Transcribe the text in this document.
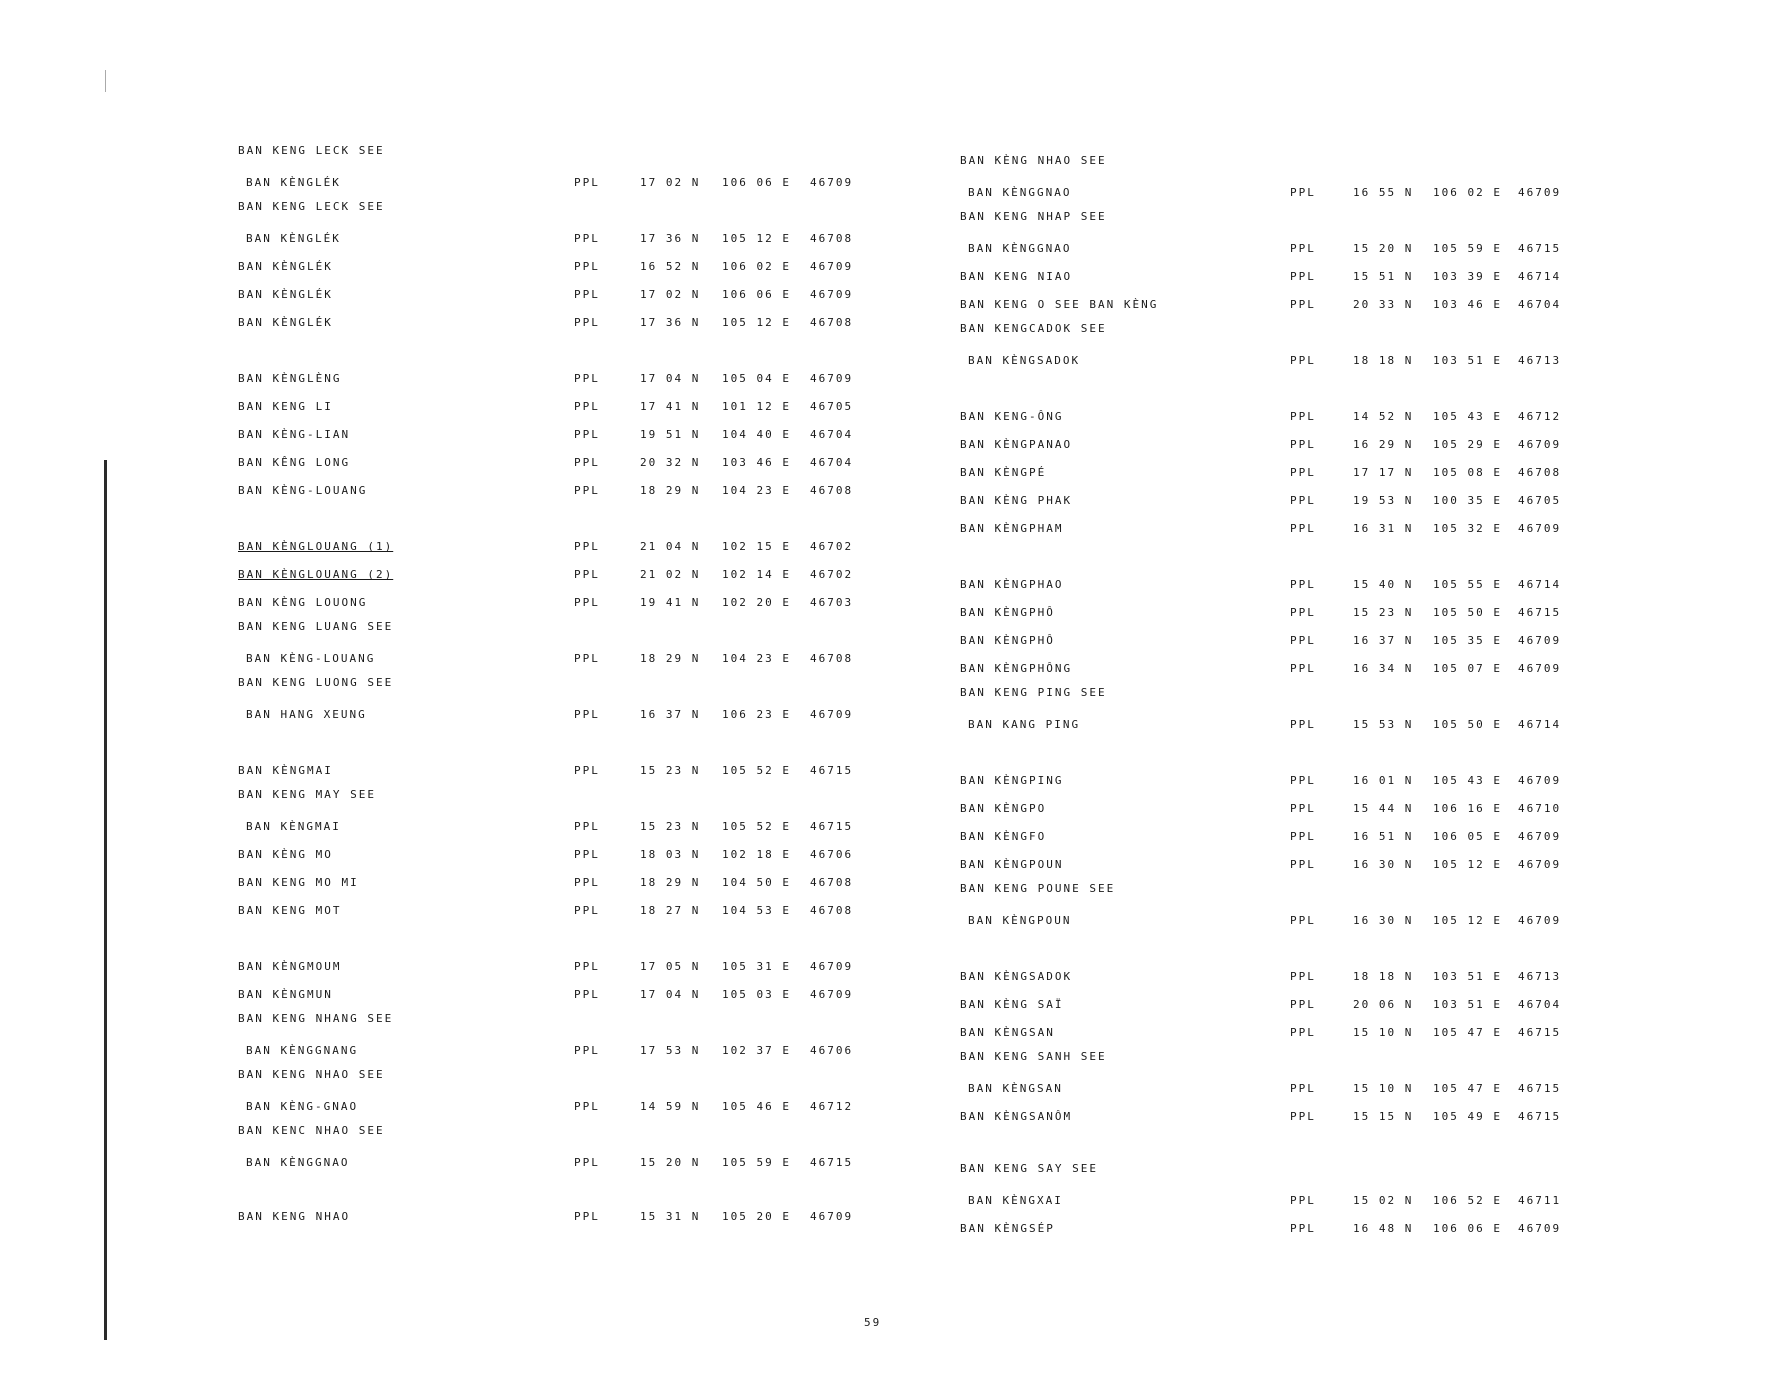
BAN KENG LECK SEE
BAN KÈNGLÉK	PPL	17 02 N 106 06 E 46709
BAN KENG LECK SEE
BAN KÈNGLÉK	PPL	17 36 N 105 12 E 46708
BAN KÈNGLÉK	PPL	16 52 N 106 02 E 46709
BAN KÈNGLÉK	PPL	17 02 N 106 06 E 46709
BAN KÈNGLÉK	PPL	17 36 N 105 12 E 46708
BAN KÈNGLÈNG	PPL	17 04 N 105 04 E 46709
BAN KENG LI	PPL	17 41 N 101 12 E 46705
BAN KÈNG-LIAN	PPL	19 51 N 104 40 E 46704
BAN KÊNG LONG	PPL	20 32 N 103 46 E 46704
BAN KÈNG-LOUANG	PPL	18 29 N 104 23 E 46708
BAN KÈNGLOUANG (1)	PPL	21 04 N 102 15 E 46702
BAN KÈNGLOUANG (2)	PPL	21 02 N 102 14 E 46702
BAN KÈNG LOUONG	PPL	19 41 N 102 20 E 46703
BAN KENG LUANG SEE
BAN KÈNG-LOUANG	PPL	18 29 N 104 23 E 46708
BAN KENG LUONG SEE
BAN HANG XEUNG	PPL	16 37 N 106 23 E 46709
BAN KÈNGMAI	PPL	15 23 N 105 52 E 46715
BAN KENG MAY SEE
BAN KÈNGMAI	PPL	15 23 N 105 52 E 46715
BAN KÈNG MO	PPL	18 03 N 102 18 E 46706
BAN KENG MO MI	PPL	18 29 N 104 50 E 46708
BAN KENG MOT	PPL	18 27 N 104 53 E 46708
BAN KÈNGMOUM	PPL	17 05 N 105 31 E 46709
BAN KÈNGMUN	PPL	17 04 N 105 03 E 46709
BAN KENG NHANG SEE
BAN KÈNGGNANG	PPL	17 53 N 102 37 E 46706
BAN KENG NHAO SEE
BAN KÈNG-GNAO	PPL	14 59 N 105 46 E 46712
BAN KENC NHAO SEE
BAN KÈNGGNAO	PPL	15 20 N 105 59 E 46715
BAN KENG NHAO	PPL	15 31 N 105 20 E 46709
BAN KÈNG NHAO SEE
BAN KÈNGGNAO	PPL	16 55 N 106 02 E 46709
BAN KENG NHAP SEE
BAN KÈNGGNAO	PPL	15 20 N 105 59 E 46715
BAN KENG NIAO	PPL	15 51 N 103 39 E 46714
BAN KENG O SEE BAN KÈNG	PPL	20 33 N 103 46 E 46704
BAN KENGCADOK SEE
BAN KÈNGSADOK	PPL	18 18 N 103 51 E 46713
BAN KENG-ÔNG	PPL	14 52 N 105 43 E 46712
BAN KÈNGPANAO	PPL	16 29 N 105 29 E 46709
BAN KÈNGPÉ	PPL	17 17 N 105 08 E 46708
BAN KÈNG PHAK	PPL	19 53 N 100 35 E 46705
BAN KÈNGPHAM	PPL	16 31 N 105 32 E 46709
BAN KÈNGPHAO	PPL	15 40 N 105 55 E 46714
BAN KÈNGPHÔ	PPL	15 23 N 105 50 E 46715
BAN KÈNGPHÔ	PPL	16 37 N 105 35 E 46709
BAN KÈNGPHÔNG	PPL	16 34 N 105 07 E 46709
BAN KENG PING SEE
BAN KANG PING	PPL	15 53 N 105 50 E 46714
BAN KÈNGPING	PPL	16 01 N 105 43 E 46709
BAN KÈNGPO	PPL	15 44 N 106 16 E 46710
BAN KÈNGFO	PPL	16 51 N 106 05 E 46709
BAN KÈNGPOUN	PPL	16 30 N 105 12 E 46709
BAN KENG POUNE SEE
BAN KÈNGPOUN	PPL	16 30 N 105 12 E 46709
BAN KÈNGSADOK	PPL	18 18 N 103 51 E 46713
BAN KÈNG SAÏ	PPL	20 06 N 103 51 E 46704
BAN KÈNGSAN	PPL	15 10 N 105 47 E 46715
BAN KENG SANH SEE
BAN KÈNGSAN	PPL	15 10 N 105 47 E 46715
BAN KÈNGSANÔM	PPL	15 15 N 105 49 E 46715
BAN KENG SAY SEE
BAN KÈNGXAI	PPL	15 02 N 106 52 E 46711
BAN KÈNGSÉP	PPL	16 48 N 106 06 E 46709
59
